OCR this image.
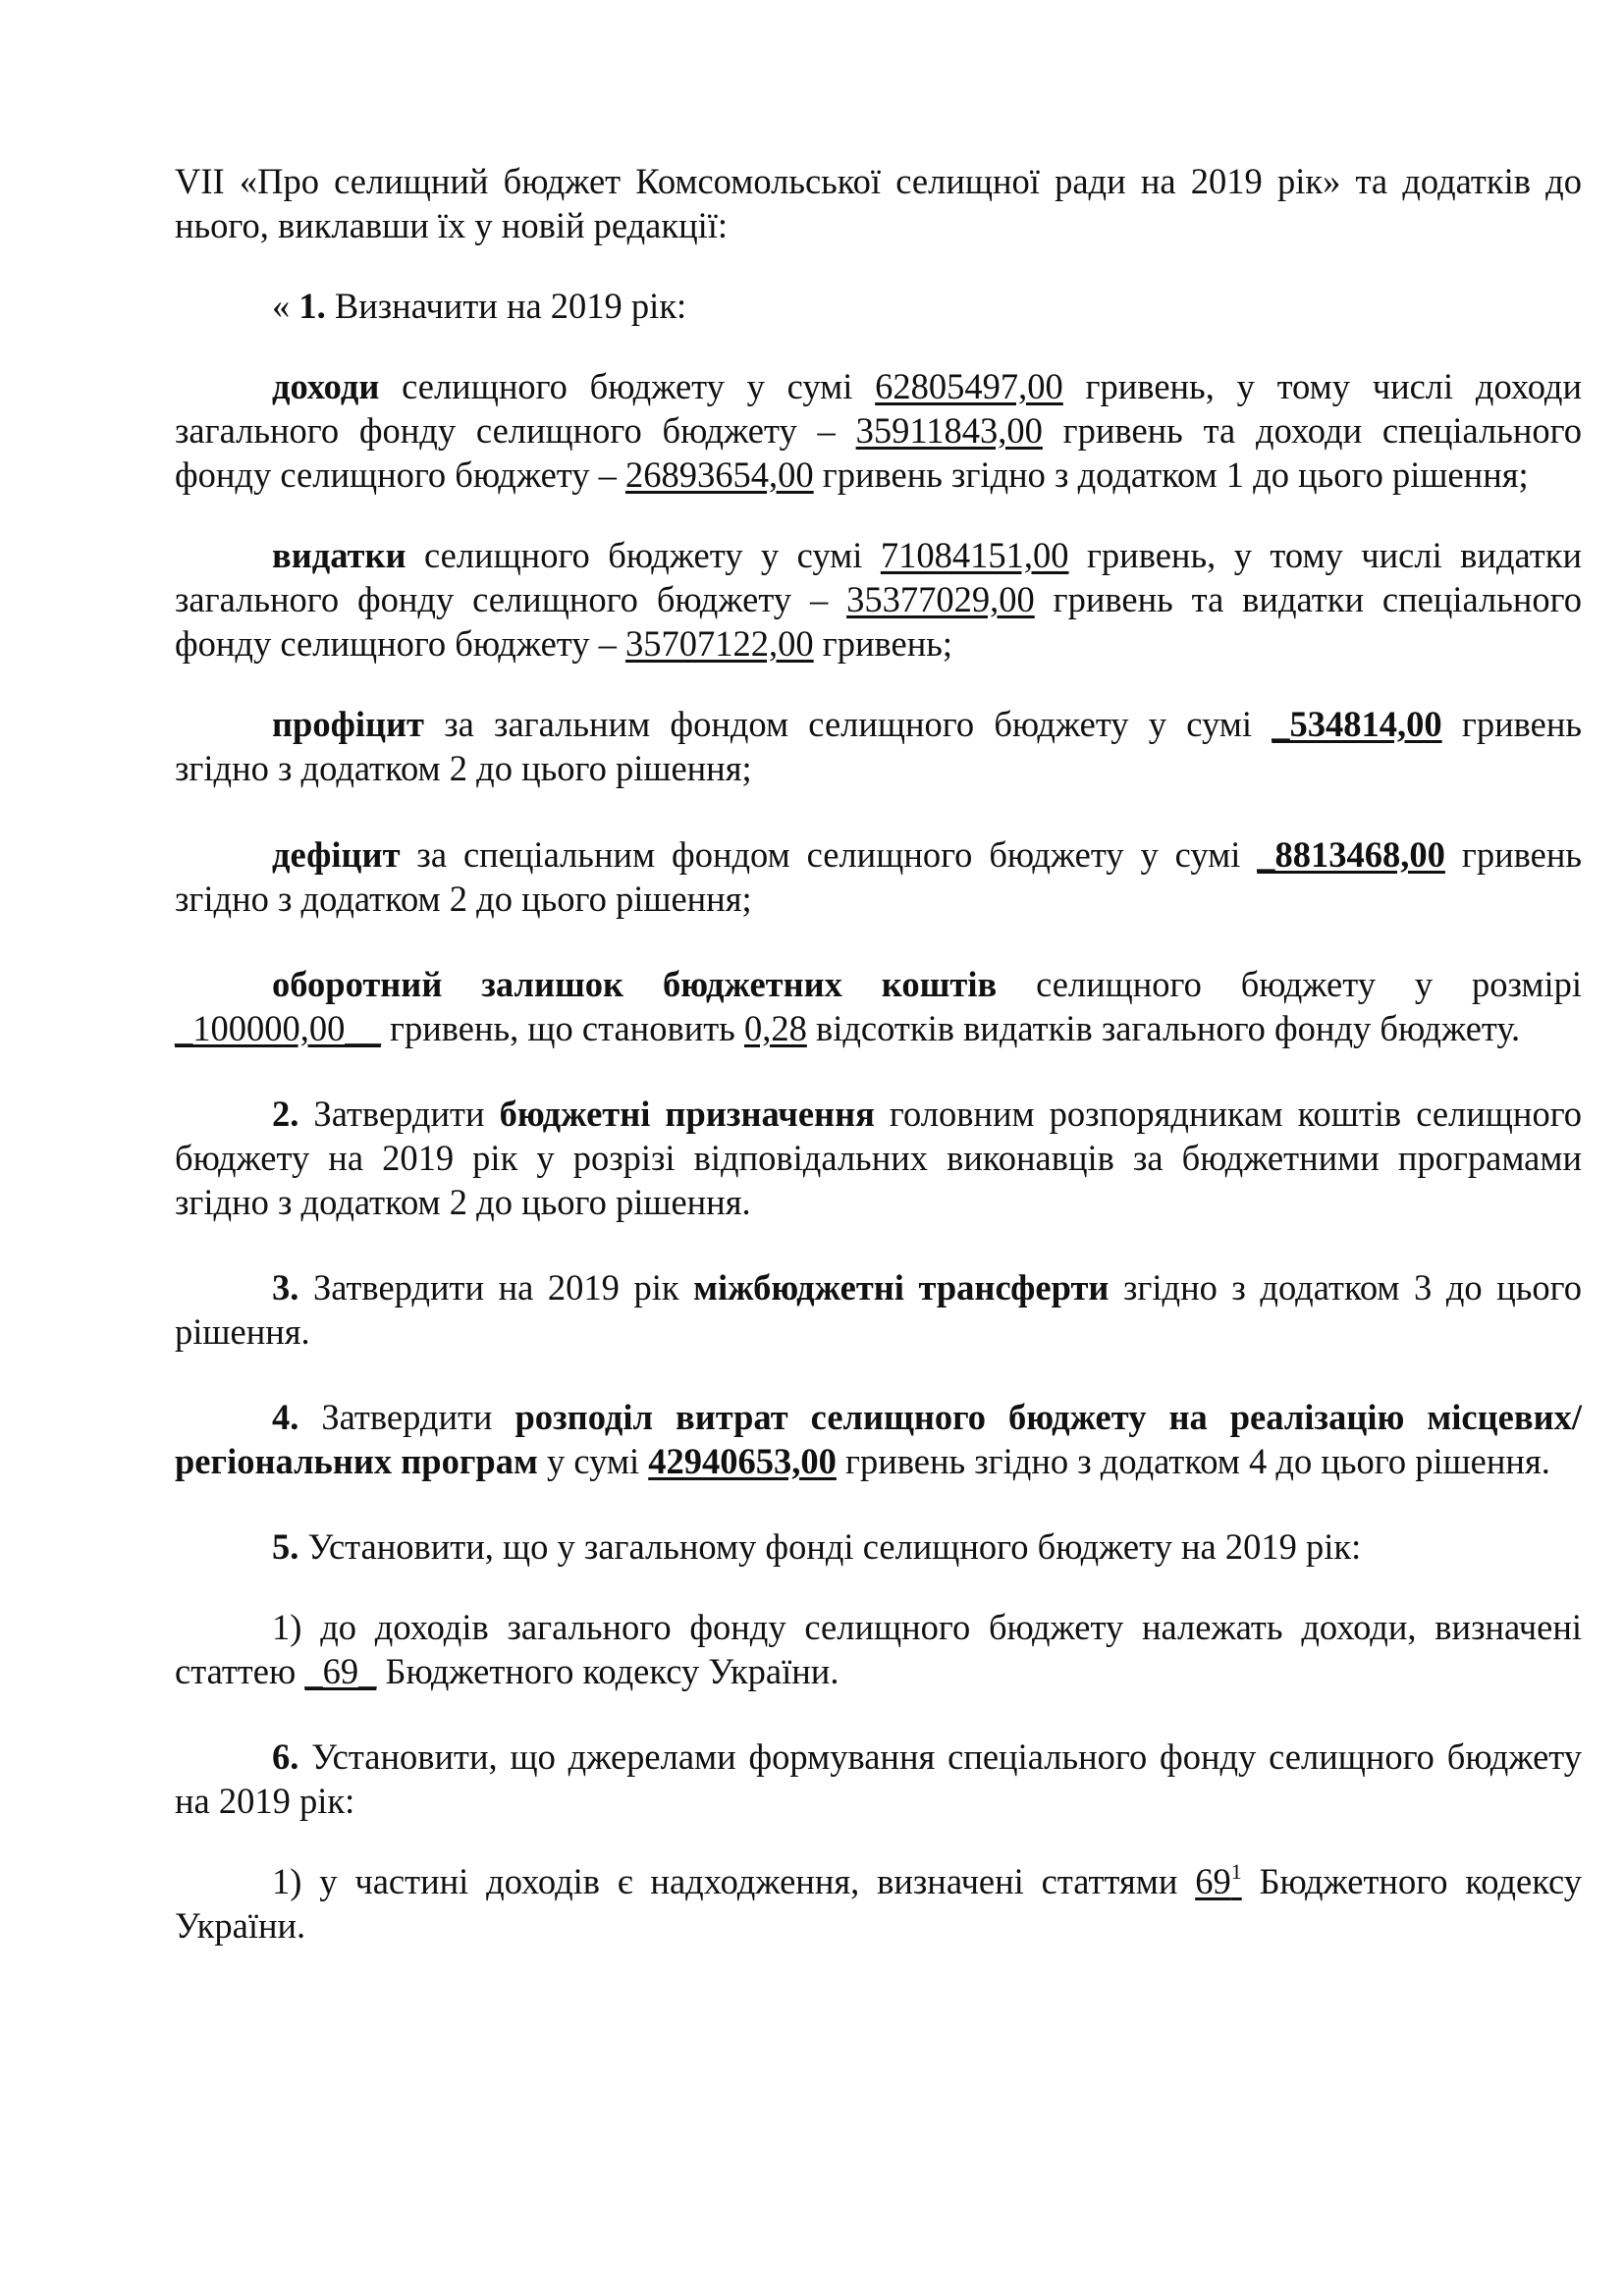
VII «Про селищний бюджет Комсомольської селищної ради на 2019 рік» та додатків до нього, виклавши їх у новій редакції:

« 1. Визначити на 2019 рік:

доходи селищного бюджету у сумі 62805497,00 гривень, у тому числі доходи загального фонду селищного бюджету – 35911843,00 гривень та доходи спеціального фонду селищного бюджету – 26893654,00 гривень згідно з додатком 1 до цього рішення;

видатки селищного бюджету у сумі 71084151,00 гривень, у тому числі видатки загального фонду селищного бюджету – 35377029,00 гривень та видатки спеціального фонду селищного бюджету – 35707122,00 гривень;

профіцит за загальним фондом селищного бюджету у сумі _534814,00 гривень згідно з додатком 2 до цього рішення;

дефіцит за спеціальним фондом селищного бюджету у сумі _8813468,00 гривень згідно з додатком 2 до цього рішення;

оборотний залишок бюджетних коштів селищного бюджету у розмірі _100000,00__ гривень, що становить 0,28 відсотків видатків загального фонду бюджету.

2. Затвердити бюджетні призначення головним розпорядникам коштів селищного бюджету на 2019 рік у розрізі відповідальних виконавців за бюджетними програмами згідно з додатком 2 до цього рішення.

3. Затвердити на 2019 рік міжбюджетні трансферти згідно з додатком 3 до цього рішення.

4. Затвердити розподіл витрат селищного бюджету на реалізацію місцевих/регіональних програм у сумі 42940653,00 гривень згідно з додатком 4 до цього рішення.

5. Установити, що у загальному фонді селищного бюджету на 2019 рік:

1) до доходів загального фонду селищного бюджету належать доходи, визначені статтею _69_ Бюджетного кодексу України.

6. Установити, що джерелами формування спеціального фонду селищного бюджету на 2019 рік:

1) у частині доходів є надходження, визначені статтями $69^1$ Бюджетного кодексу України.
